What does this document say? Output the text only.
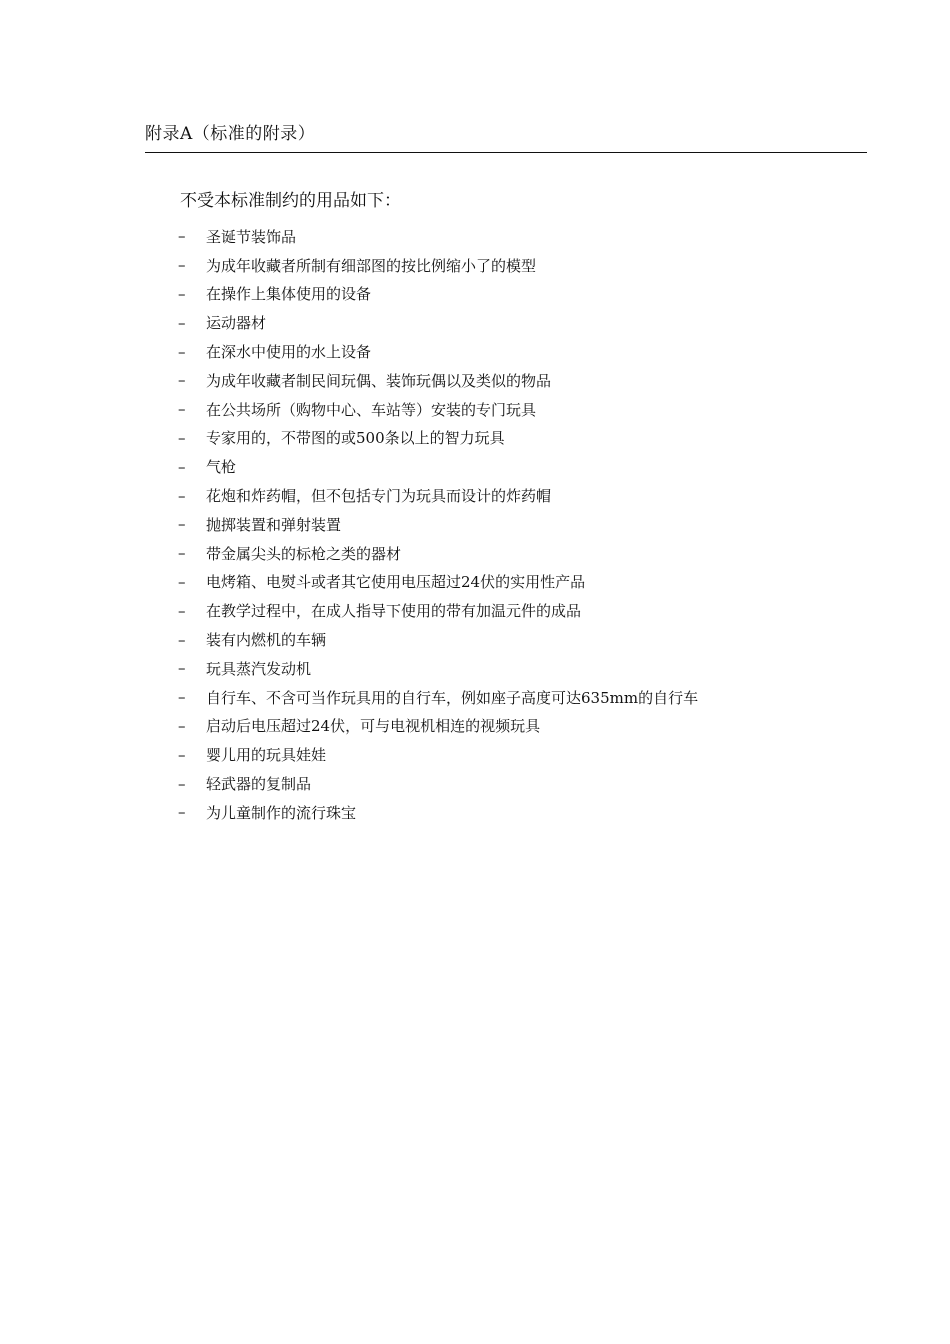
附录A（标准的附录）
不受本标准制约的用品如下：
–	圣诞节装饰品
–	为成年收藏者所制有细部图的按比例缩小了的模型
–	在操作上集体使用的设备
–	运动器材
–	在深水中使用的水上设备
–	为成年收藏者制民间玩偶、装饰玩偶以及类似的物品
–	在公共场所（购物中心、车站等）安装的专门玩具
–	专家用的，不带图的或500条以上的智力玩具
–	气枪
–	花炮和炸药帽，但不包括专门为玩具而设计的炸药帽
–	抛掷装置和弹射装置
–	带金属尖头的标枪之类的器材
–	电烤箱、电熨斗或者其它使用电压超过24伏的实用性产品
–	在教学过程中，在成人指导下使用的带有加温元件的成品
–	装有内燃机的车辆
–	玩具蒸汽发动机
–	自行车、不含可当作玩具用的自行车，例如座子高度可达635mm的自行车
–	启动后电压超过24伏，可与电视机相连的视频玩具
–	婴儿用的玩具娃娃
–	轻武器的复制品
–	为儿童制作的流行珠宝
